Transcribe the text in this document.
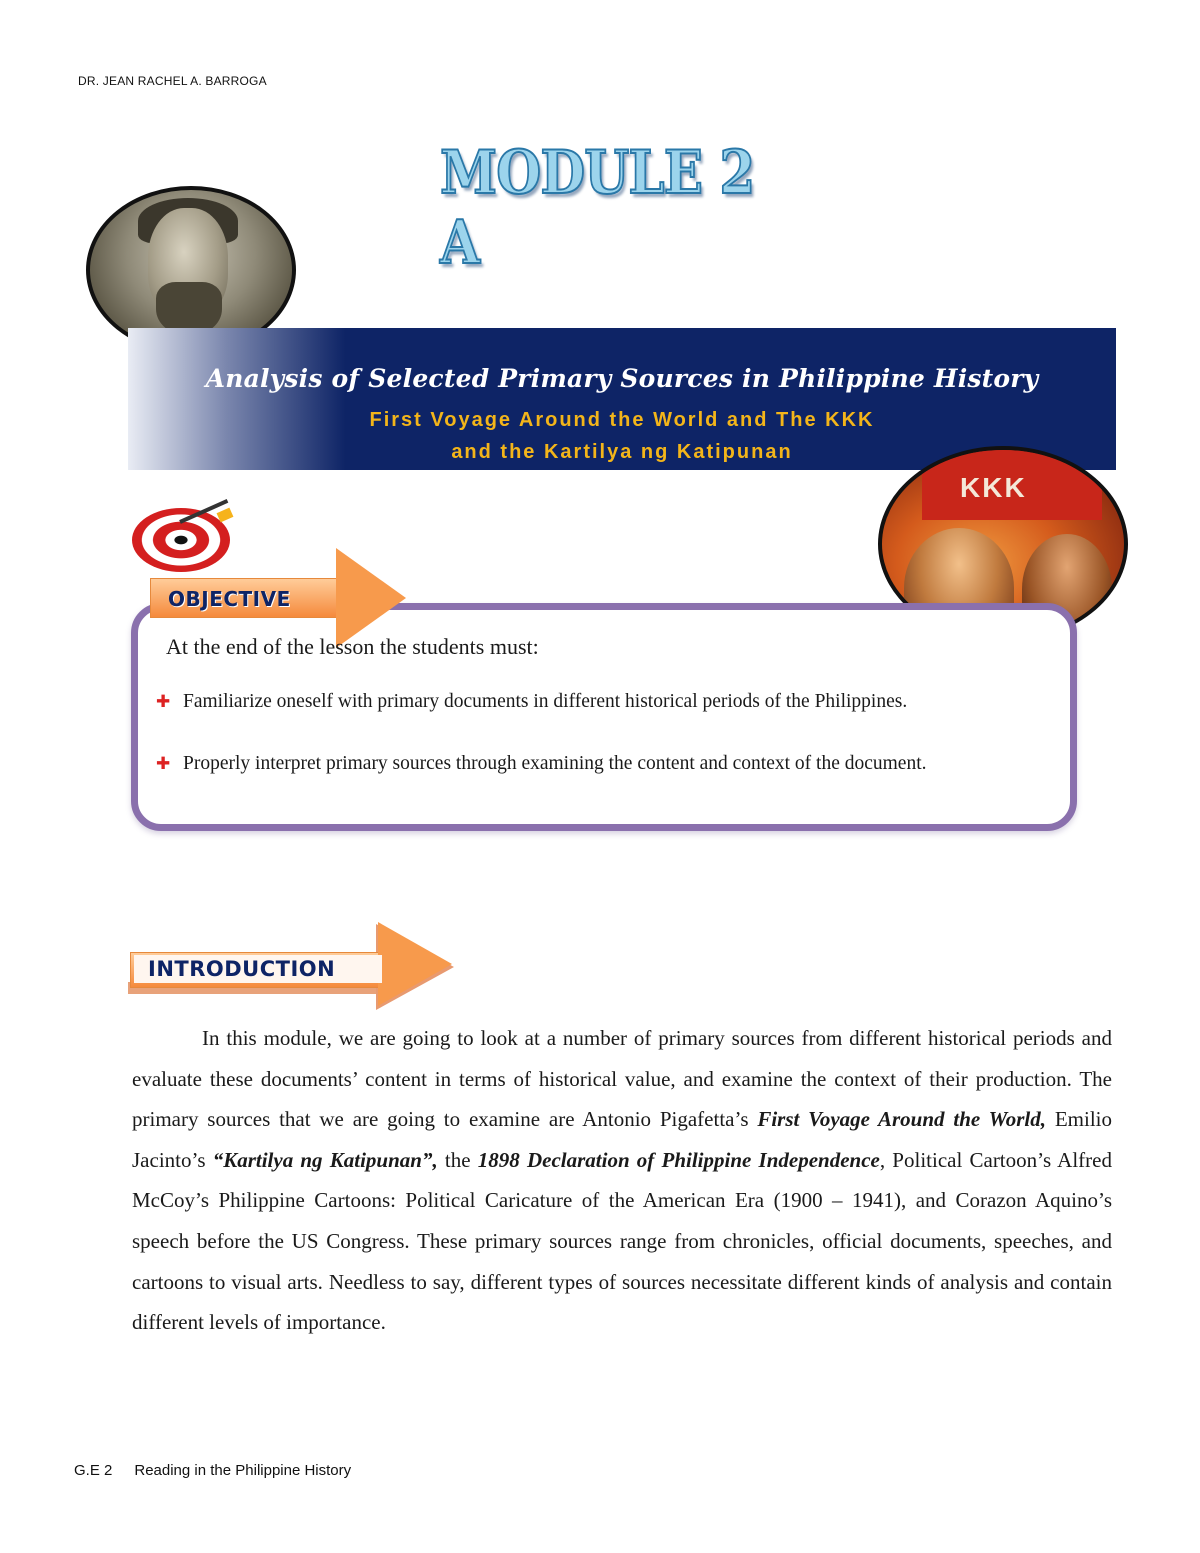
DR. JEAN RACHEL A. BARROGA
MODULE 2 A
Analysis of Selected Primary Sources in Philippine History
First Voyage Around the World and The KKK
and the Kartilya ng Katipunan
KKK
OBJECTIVE
At the end of the lesson the students must:
✚ Familiarize oneself with primary documents in different historical periods of the Philippines.
✚ Properly interpret primary sources through examining the content and context of the document.
INTRODUCTION
In this module, we are going to look at a number of primary sources from different historical periods and evaluate these documents’ content in terms of historical value, and examine the context of their production. The primary sources that we are going to examine are Antonio Pigafetta’s First Voyage Around the World, Emilio Jacinto’s “Kartilya ng Katipunan”, the 1898 Declaration of Philippine Independence, Political Cartoon’s Alfred McCoy’s Philippine Cartoons: Political Caricature of the American Era (1900 – 1941), and Corazon Aquino’s speech before the US Congress. These primary sources range from chronicles, official documents, speeches, and cartoons to visual arts. Needless to say, different types of sources necessitate different kinds of analysis and contain different levels of importance.
G.E 2 Reading in the Philippine History
